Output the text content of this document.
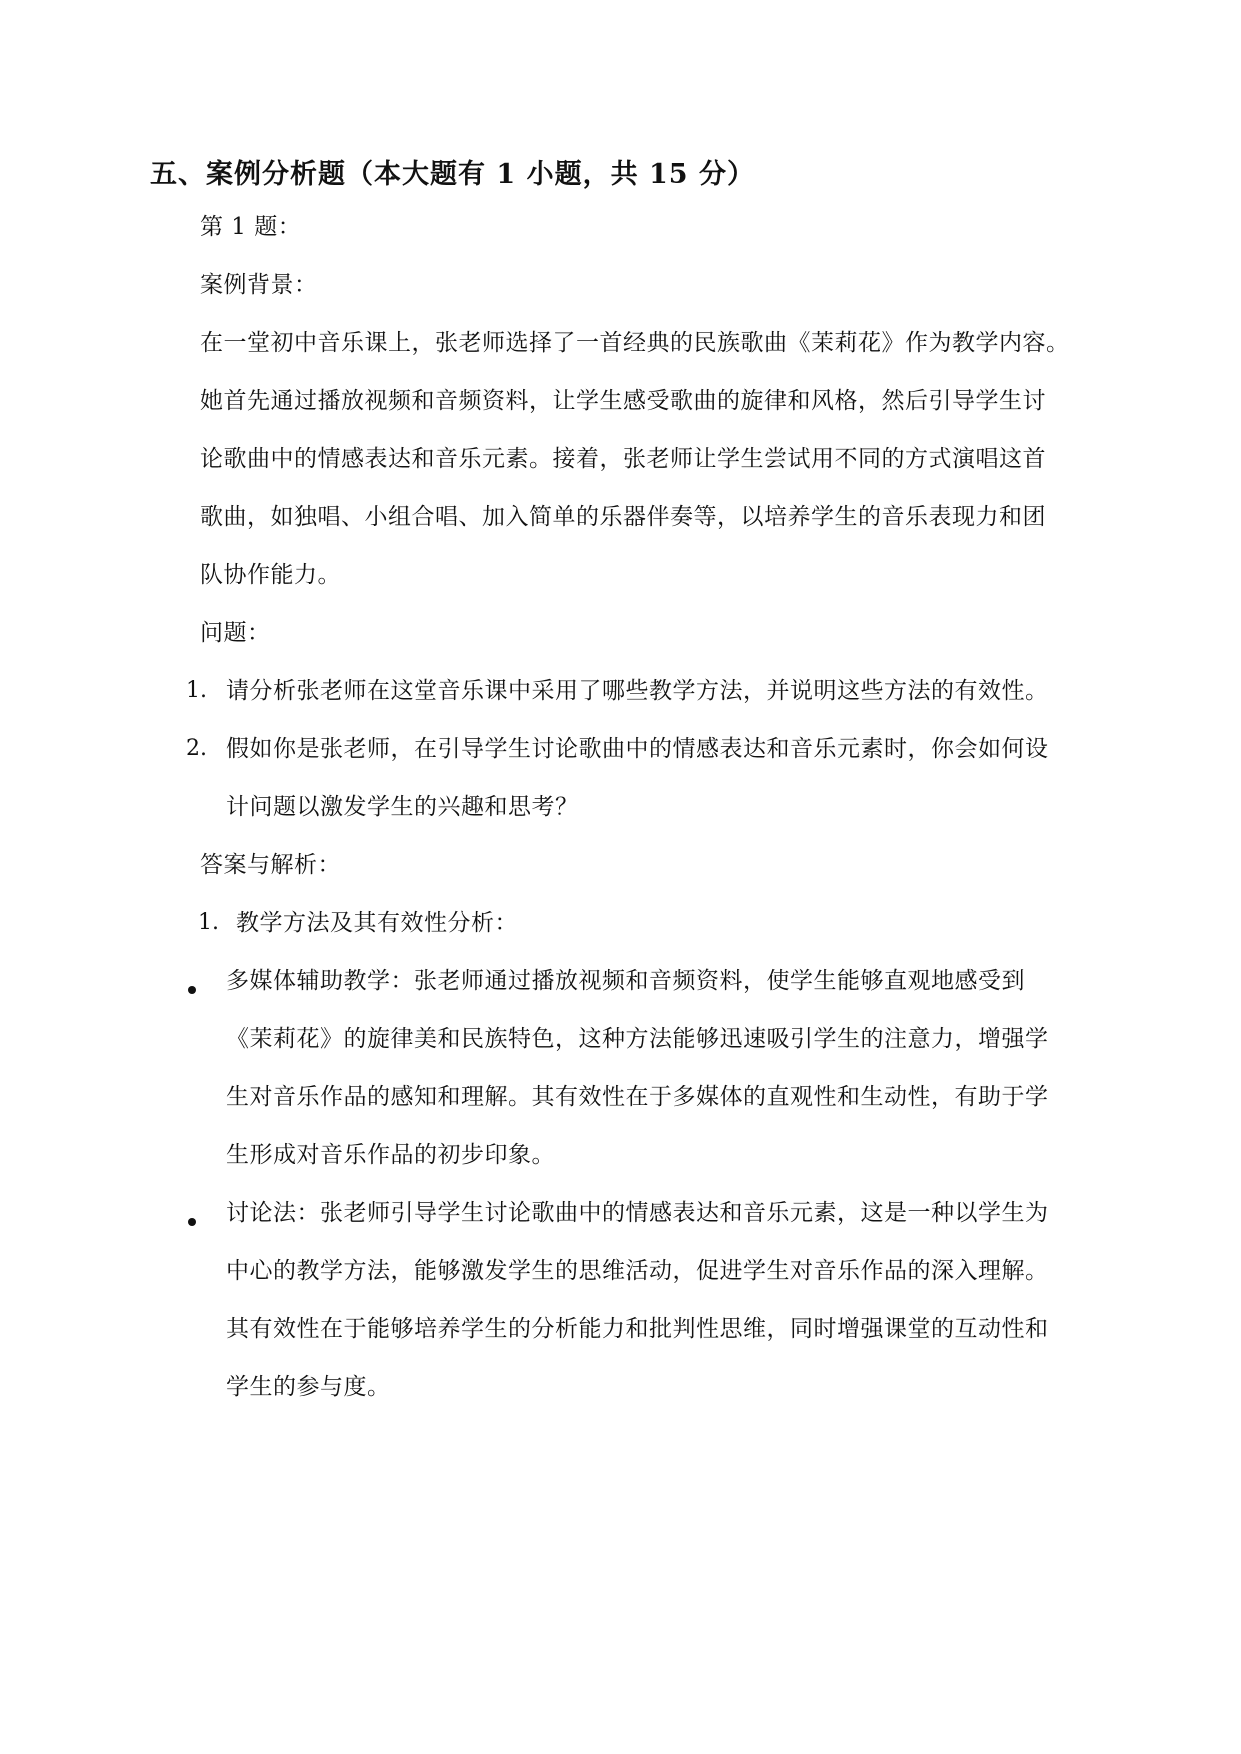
五、案例分析题（本大题有 1 小题，共 15 分）
第 1 题：
案例背景：
在一堂初中音乐课上，张老师选择了一首经典的民族歌曲《茉莉花》作为教学内容。
她首先通过播放视频和音频资料，让学生感受歌曲的旋律和风格，然后引导学生讨
论歌曲中的情感表达和音乐元素。接着，张老师让学生尝试用不同的方式演唱这首
歌曲，如独唱、小组合唱、加入简单的乐器伴奏等，以培养学生的音乐表现力和团
队协作能力。
问题：
1. 请分析张老师在这堂音乐课中采用了哪些教学方法，并说明这些方法的有效性。
2. 假如你是张老师，在引导学生讨论歌曲中的情感表达和音乐元素时，你会如何设
计问题以激发学生的兴趣和思考？
答案与解析：
1. 教学方法及其有效性分析：
多媒体辅助教学：张老师通过播放视频和音频资料，使学生能够直观地感受到
《茉莉花》的旋律美和民族特色，这种方法能够迅速吸引学生的注意力，增强学
生对音乐作品的感知和理解。其有效性在于多媒体的直观性和生动性，有助于学
生形成对音乐作品的初步印象。
讨论法：张老师引导学生讨论歌曲中的情感表达和音乐元素，这是一种以学生为
中心的教学方法，能够激发学生的思维活动，促进学生对音乐作品的深入理解。
其有效性在于能够培养学生的分析能力和批判性思维，同时增强课堂的互动性和
学生的参与度。
